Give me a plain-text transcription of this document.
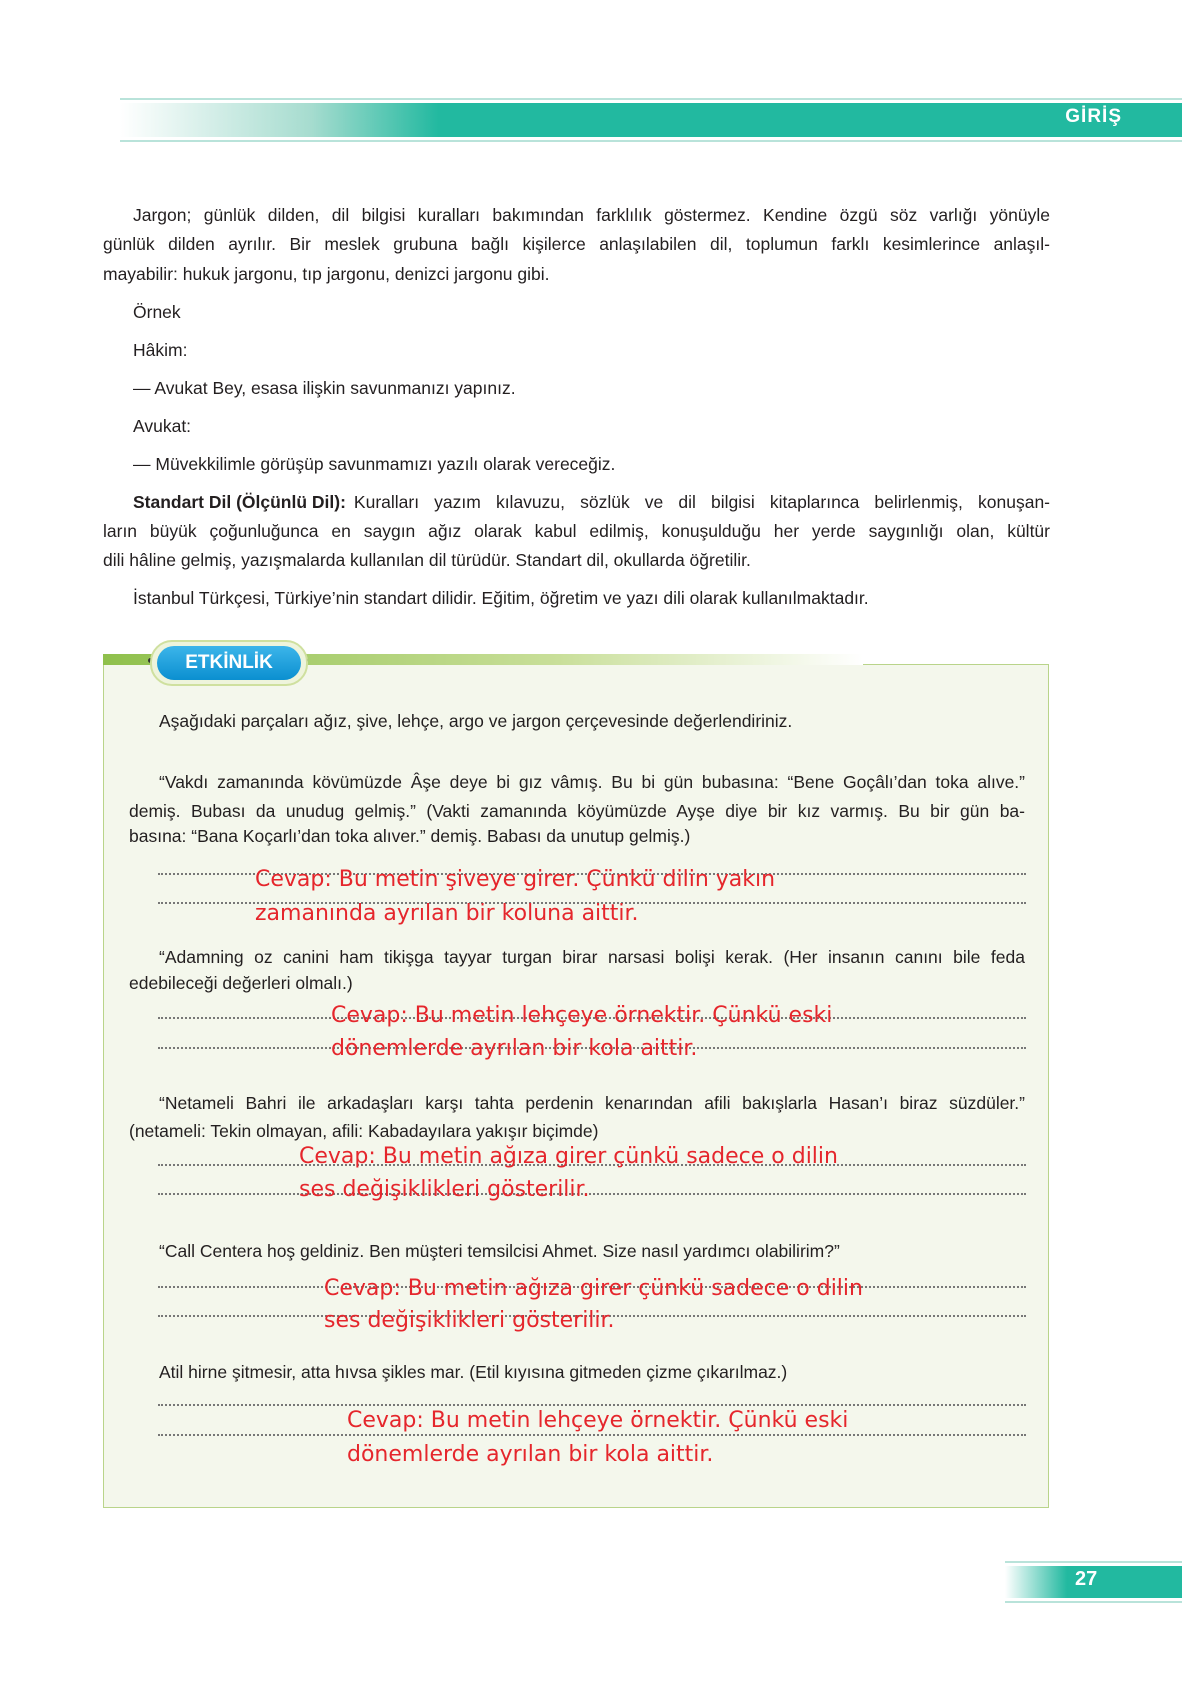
GİRİŞ
Jargon; günlük dilden, dil bilgisi kuralları bakımından farklılık göstermez. Kendine özgü söz varlığı yönüyle
günlük dilden ayrılır. Bir meslek grubuna bağlı kişilerce anlaşılabilen dil, toplumun farklı kesimlerince anlaşıl-
mayabilir: hukuk jargonu, tıp jargonu, denizci jargonu gibi.
Örnek
Hâkim:
— Avukat Bey, esasa ilişkin savunmanızı yapınız.
Avukat:
— Müvekkilimle görüşüp savunmamızı yazılı olarak vereceğiz.
Standart Dil (Ölçünlü Dil): Kuralları yazım kılavuzu, sözlük ve dil bilgisi kitaplarınca belirlenmiş, konuşan-
ların büyük çoğunluğunca en saygın ağız olarak kabul edilmiş, konuşulduğu her yerde saygınlığı olan, kültür
dili hâline gelmiş, yazışmalarda kullanılan dil türüdür. Standart dil, okullarda öğretilir.
İstanbul Türkçesi, Türkiye’nin standart dilidir. Eğitim, öğretim ve yazı dili olarak kullanılmaktadır.
ETKİNLİK
Aşağıdaki parçaları ağız, şive, lehçe, argo ve jargon çerçevesinde değerlendiriniz.
“Vakdı zamanında kövümüzde Âşe deye bi gız vâmış. Bu bi gün bubasına: “Bene Goçâlı’dan toka alıve.”
demiş. Bubası da unudug gelmiş.” (Vakti zamanında köyümüzde Ayşe diye bir kız varmış. Bu bir gün ba-
basına: “Bana Koçarlı’dan toka alıver.” demiş. Babası da unutup gelmiş.)
Cevap: Bu metin şiveye girer. Çünkü dilin yakın
zamanında ayrılan bir koluna aittir.
“Adamning oz canini ham tikişga tayyar turgan birar narsasi bolişi kerak. (Her insanın canını bile feda
edebileceği değerleri olmalı.)
Cevap: Bu metin lehçeye örnektir. Çünkü eski
dönemlerde ayrılan bir kola aittir.
“Netameli Bahri ile arkadaşları karşı tahta perdenin kenarından afili bakışlarla Hasan’ı biraz süzdüler.”
(netameli: Tekin olmayan, afili: Kabadayılara yakışır biçimde)
Cevap: Bu metin ağıza girer çünkü sadece o dilin
ses değişiklikleri gösterilir.
“Call Centera hoş geldiniz. Ben müşteri temsilcisi Ahmet. Size nasıl yardımcı olabilirim?”
Cevap: Bu metin ağıza girer çünkü sadece o dilin
ses değişiklikleri gösterilir.
Atil hirne şitmesir, atta hıvsa şikles mar. (Etil kıyısına gitmeden çizme çıkarılmaz.)
Cevap: Bu metin lehçeye örnektir. Çünkü eski
dönemlerde ayrılan bir kola aittir.
27
